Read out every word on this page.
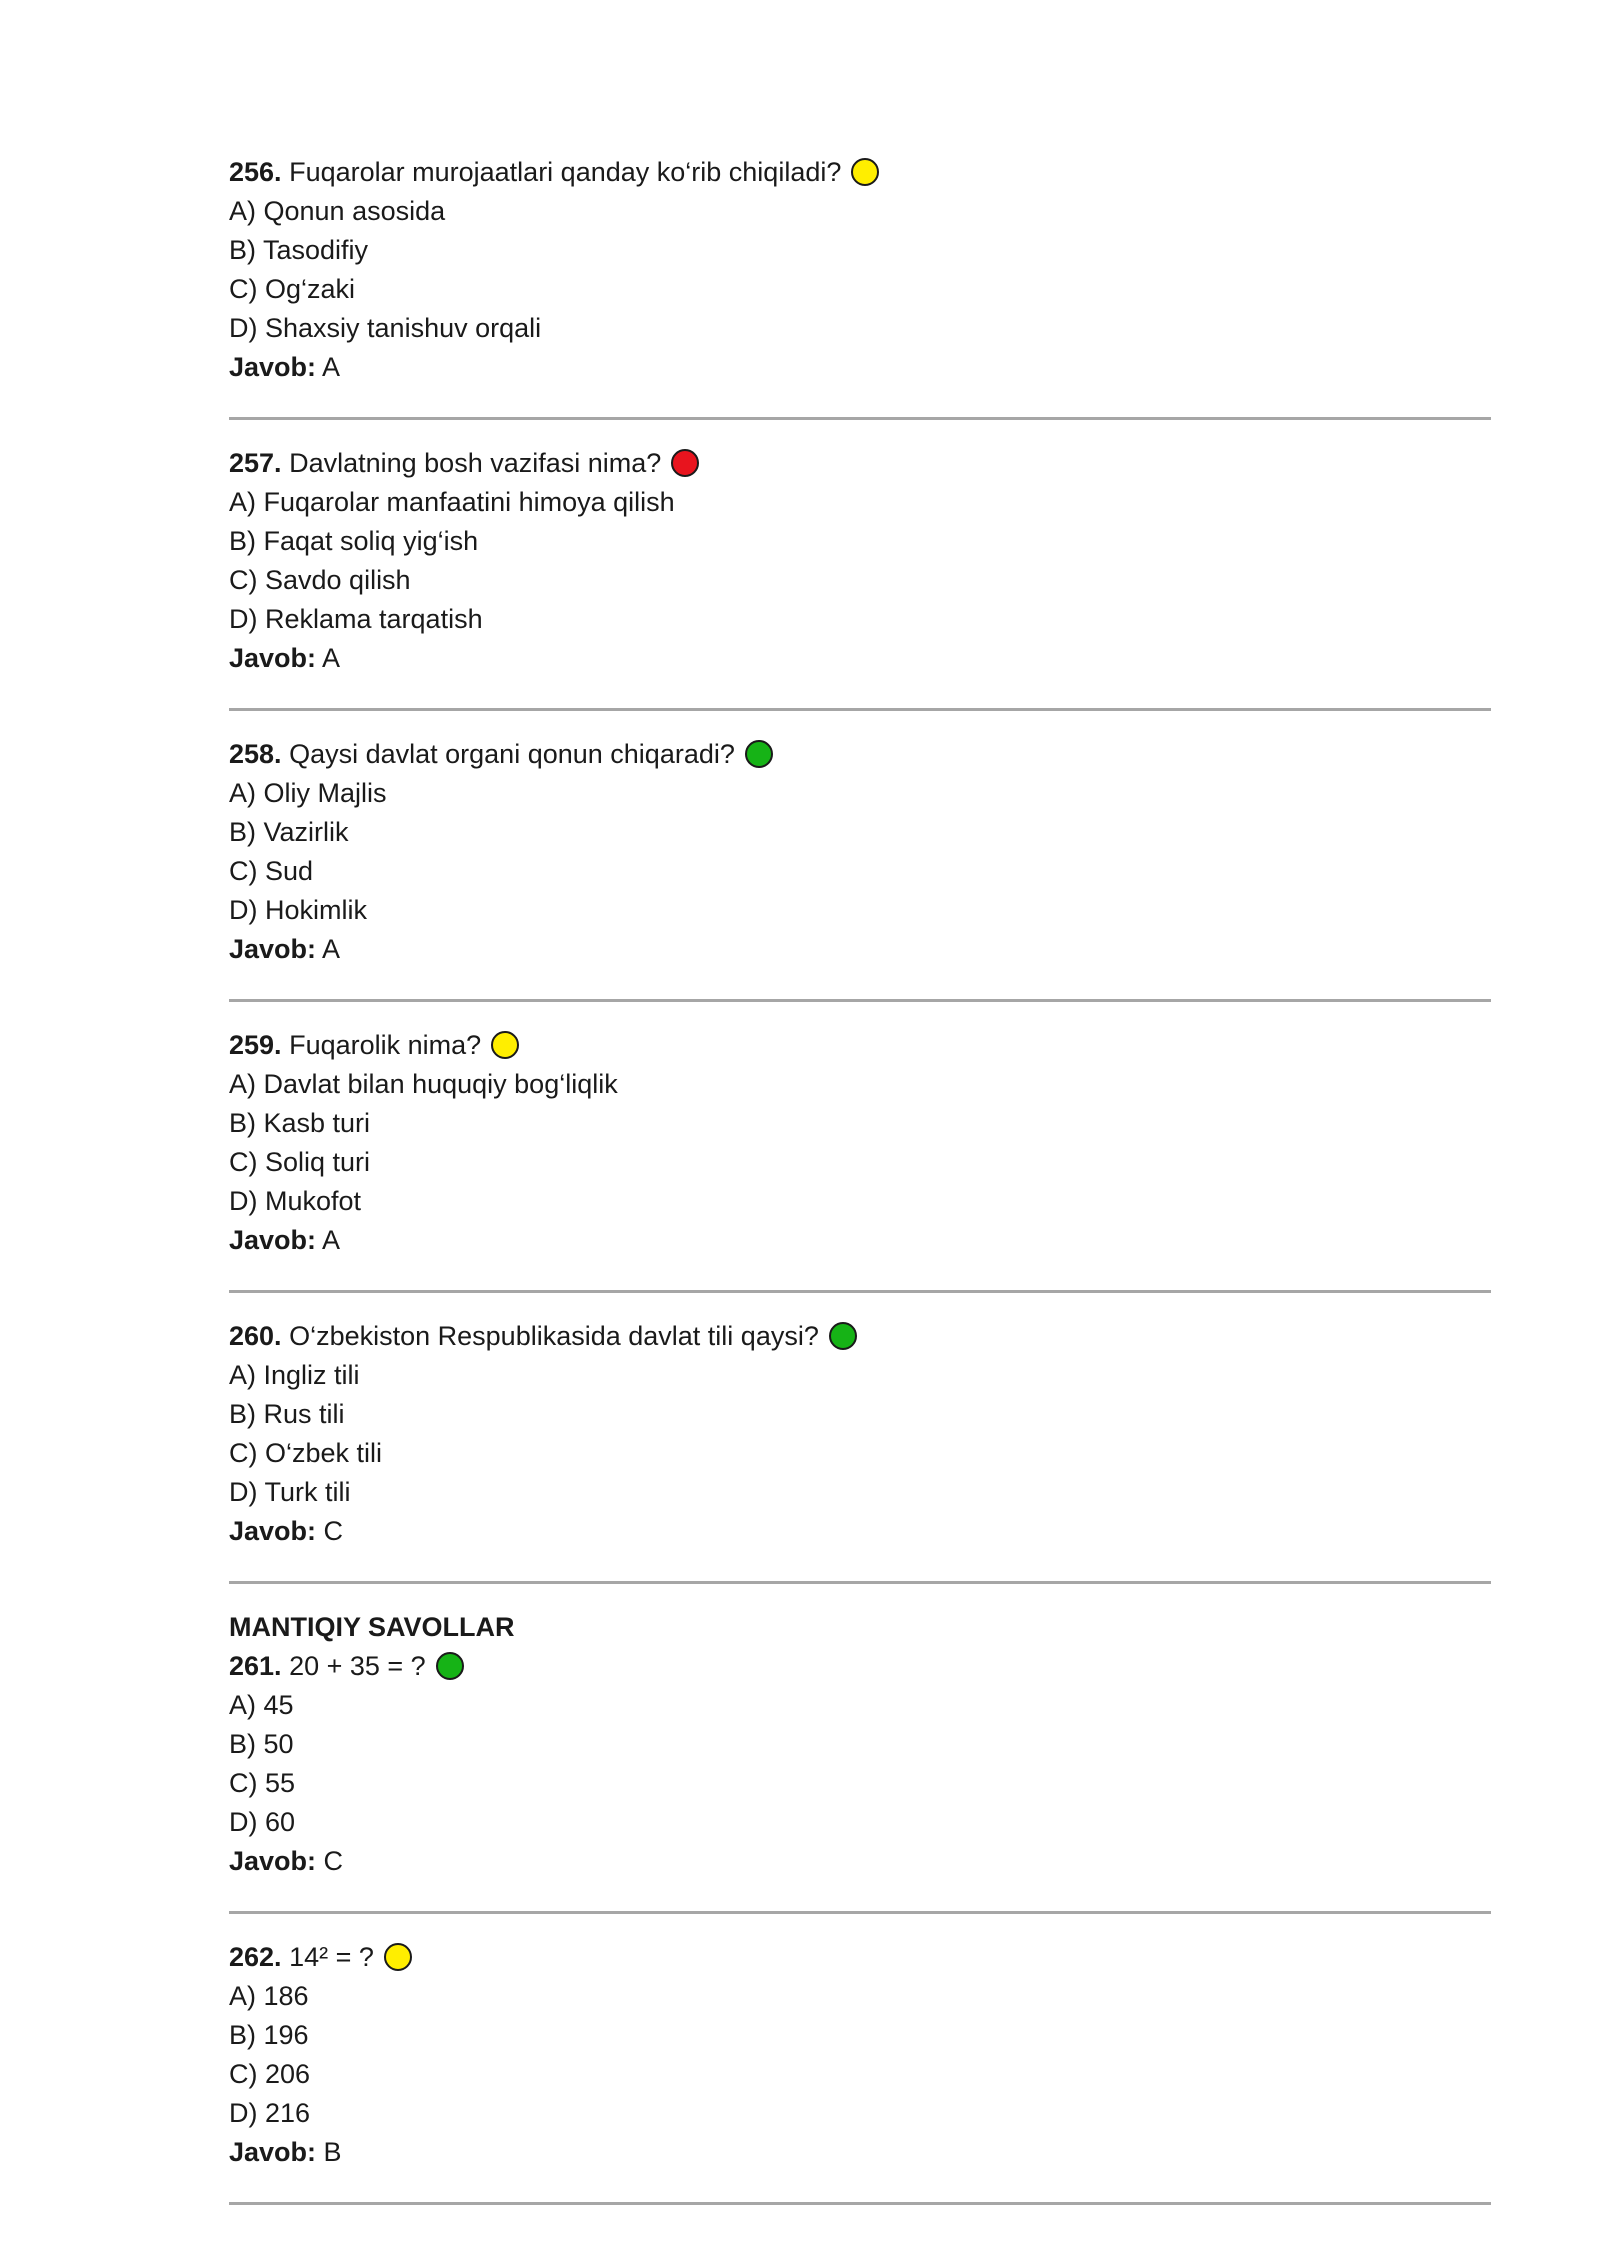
256. Fuqarolar murojaatlari qanday ko‘rib chiqiladi?
A) Qonun asosida
B) Tasodifiy
C) Og‘zaki
D) Shaxsiy tanishuv orqali
Javob: A
257. Davlatning bosh vazifasi nima?
A) Fuqarolar manfaatini himoya qilish
B) Faqat soliq yig‘ish
C) Savdo qilish
D) Reklama tarqatish
Javob: A
258. Qaysi davlat organi qonun chiqaradi?
A) Oliy Majlis
B) Vazirlik
C) Sud
D) Hokimlik
Javob: A
259. Fuqarolik nima?
A) Davlat bilan huquqiy bog‘liqlik
B) Kasb turi
C) Soliq turi
D) Mukofot
Javob: A
260. O‘zbekiston Respublikasida davlat tili qaysi?
A) Ingliz tili
B) Rus tili
C) O‘zbek tili
D) Turk tili
Javob: C
MANTIQIY SAVOLLAR
261. 20 + 35 = ?
A) 45
B) 50
C) 55
D) 60
Javob: C
262. 14² = ?
A) 186
B) 196
C) 206
D) 216
Javob: B
